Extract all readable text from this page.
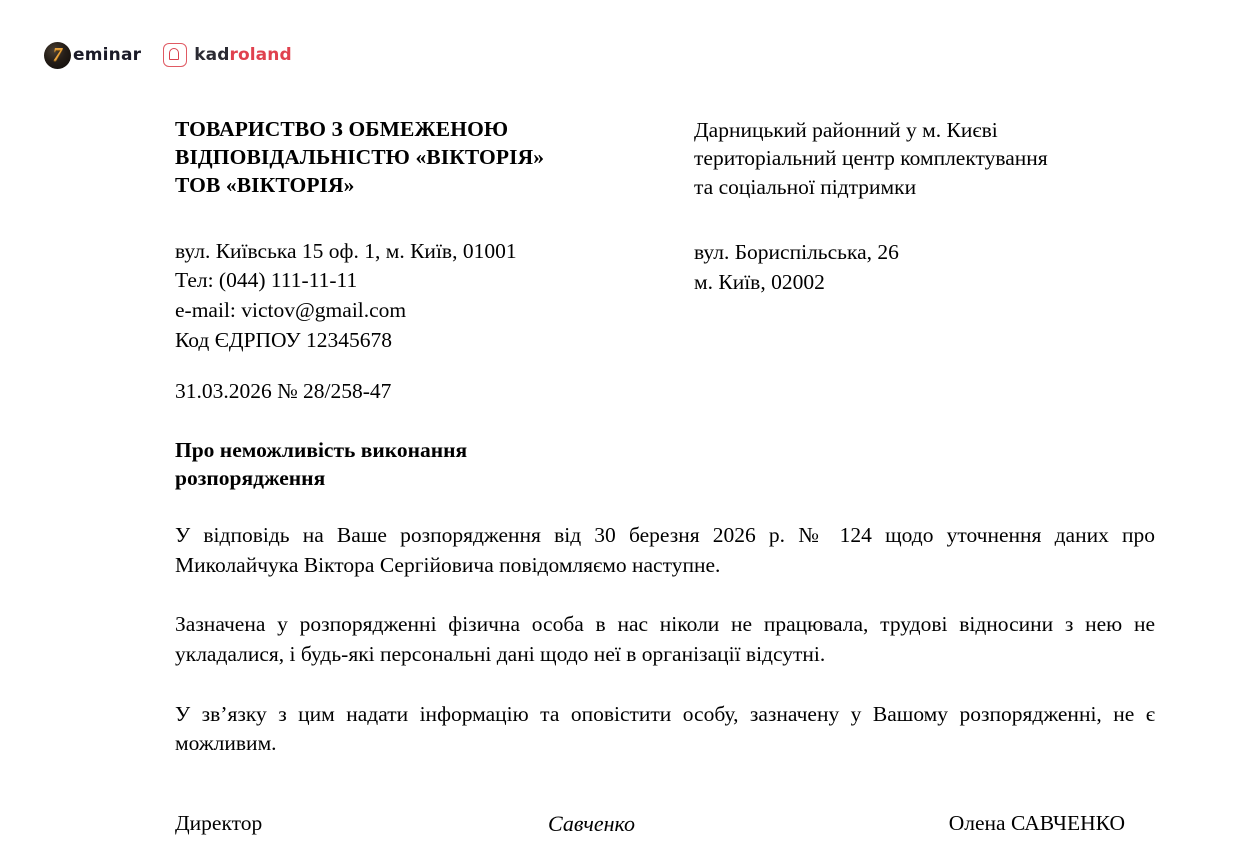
7
eminar	kadroland
ТОВАРИСТВО З ОБМЕЖЕНОЮ
ВІДПОВІДАЛЬНІСТЮ «ВІКТОРІЯ»
ТОВ «ВІКТОРІЯ»
вул. Київська 15 оф. 1, м. Київ, 01001
Тел: (044) 111-11-11
e-mail: victov@gmail.com
Код ЄДРПОУ 12345678
Дарницький районний у м. Києві
територіальний центр комплектування
та соціальної підтримки
вул. Бориспільська, 26
м. Київ, 02002
31.03.2026 № 28/258-47
Про неможливість виконання
розпорядження

У відповідь на Ваше розпорядження від 30 березня 2026 р. № 124 щодо уточнення даних про Миколайчука Віктора Сергійовича повідомляємо наступне.

Зазначена у розпорядженні фізична особа в нас ніколи не працювала, трудові відносини з нею не укладалися, і будь-які персональні дані щодо неї в організації відсутні.

У зв’язку з цим надати інформацію та оповістити особу, зазначену у Вашому розпорядженні, не є можливим.

Директор	Савченко	Олена САВЧЕНКО
